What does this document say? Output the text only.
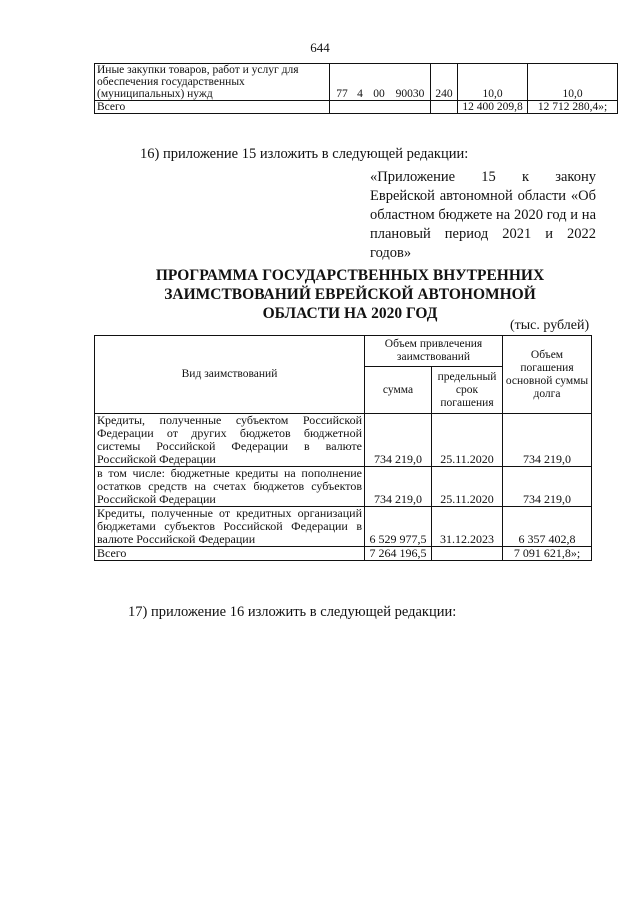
644
Иные закупки товаров, работ и услуг для обеспечения государственных (муниципальных) нужд	77	4	00	90030	240	10,0	10,0
Всего						12 400 209,8	12 712 280,4»;
16) приложение 15 изложить в следующей редакции:
«Приложение 15 к закону Еврейской автономной области «Об областном бюджете на 2020 год и на плановый период 2021 и 2022 годов»
ПРОГРАММА ГОСУДАРСТВЕННЫХ ВНУТРЕННИХ
ЗАИМСТВОВАНИЙ ЕВРЕЙСКОЙ АВТОНОМНОЙ
ОБЛАСТИ НА 2020 ГОД
(тыс. рублей)
Вид заимствований	Объем привлечения заимствований		Объем погашения основной суммы долга
	сумма	предельный срок погашения	
Кредиты, полученные субъектом Российской Федерации от других бюджетов бюджетной системы Российской Федерации в валюте Российской Федерации	734 219,0	25.11.2020	734 219,0
в том числе: бюджетные кредиты на пополнение остатков средств на счетах бюджетов субъектов Российской Федерации	734 219,0	25.11.2020	734 219,0
Кредиты, полученные от кредитных организаций бюджетами субъектов Российской Федерации в валюте Российской Федерации	6 529 977,5	31.12.2023	6 357 402,8
Всего	7 264 196,5		7 091 621,8»;
17) приложение 16 изложить в следующей редакции:
